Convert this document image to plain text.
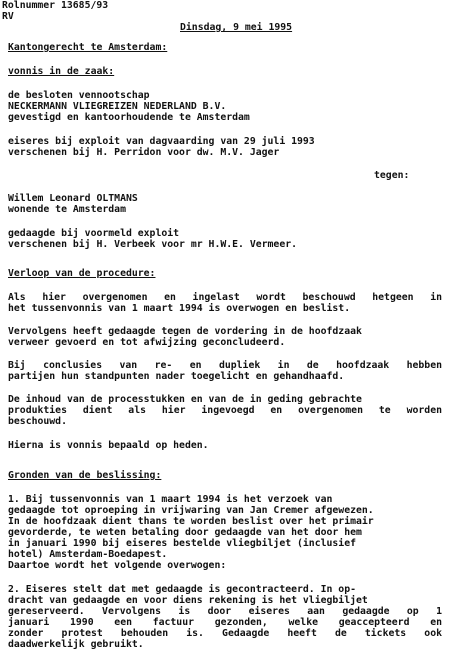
Rolnummer 13685/93
RV
Dinsdag, 9 mei 1995
Kantongerecht te Amsterdam:
vonnis in de zaak:
de besloten vennootschap
NECKERMANN VLIEGREIZEN NEDERLAND B.V.
gevestigd en kantoorhoudende te Amsterdam
eiseres bij exploit van dagvaarding van 29 juli 1993
verschenen bij H. Perridon voor dw. M.V. Jager
tegen:
Willem Leonard OLTMANS
wonende te Amsterdam
gedaagde bij voormeld exploit
verschenen bij H. Verbeek voor mr H.W.E. Vermeer.
Verloop van de procedure:
Als hier overgenomen en ingelast wordt beschouwd hetgeen in
het tussenvonnis van 1 maart 1994 is overwogen en beslist.
Vervolgens heeft gedaagde tegen de vordering in de hoofdzaak
verweer gevoerd en tot afwijzing geconcludeerd.
Bij conclusies van re- en dupliek in de hoofdzaak hebben
partijen hun standpunten nader toegelicht en gehandhaafd.
De inhoud van de processtukken en van de in geding gebrachte
produkties dient als hier ingevoegd en overgenomen te worden
beschouwd.
Hierna is vonnis bepaald op heden.
Gronden van de beslissing:
1. Bij tussenvonnis van 1 maart 1994 is het verzoek van
gedaagde tot oproeping in vrijwaring van Jan Cremer afgewezen.
In de hoofdzaak dient thans te worden beslist over het primair
gevorderde, te weten betaling door gedaagde van het door hem
in januari 1990 bij eiseres bestelde vliegbiljet (inclusief
hotel) Amsterdam-Boedapest.
Daartoe wordt het volgende overwogen:
2. Eiseres stelt dat met gedaagde is gecontracteerd. In op-
dracht van gedaagde en voor diens rekening is het vliegbiljet
gereserveerd. Vervolgens is door eiseres aan gedaagde op 1
januari 1990 een factuur gezonden, welke geaccepteerd en
zonder protest behouden is. Gedaagde heeft de tickets ook
daadwerkelijk gebruikt.
